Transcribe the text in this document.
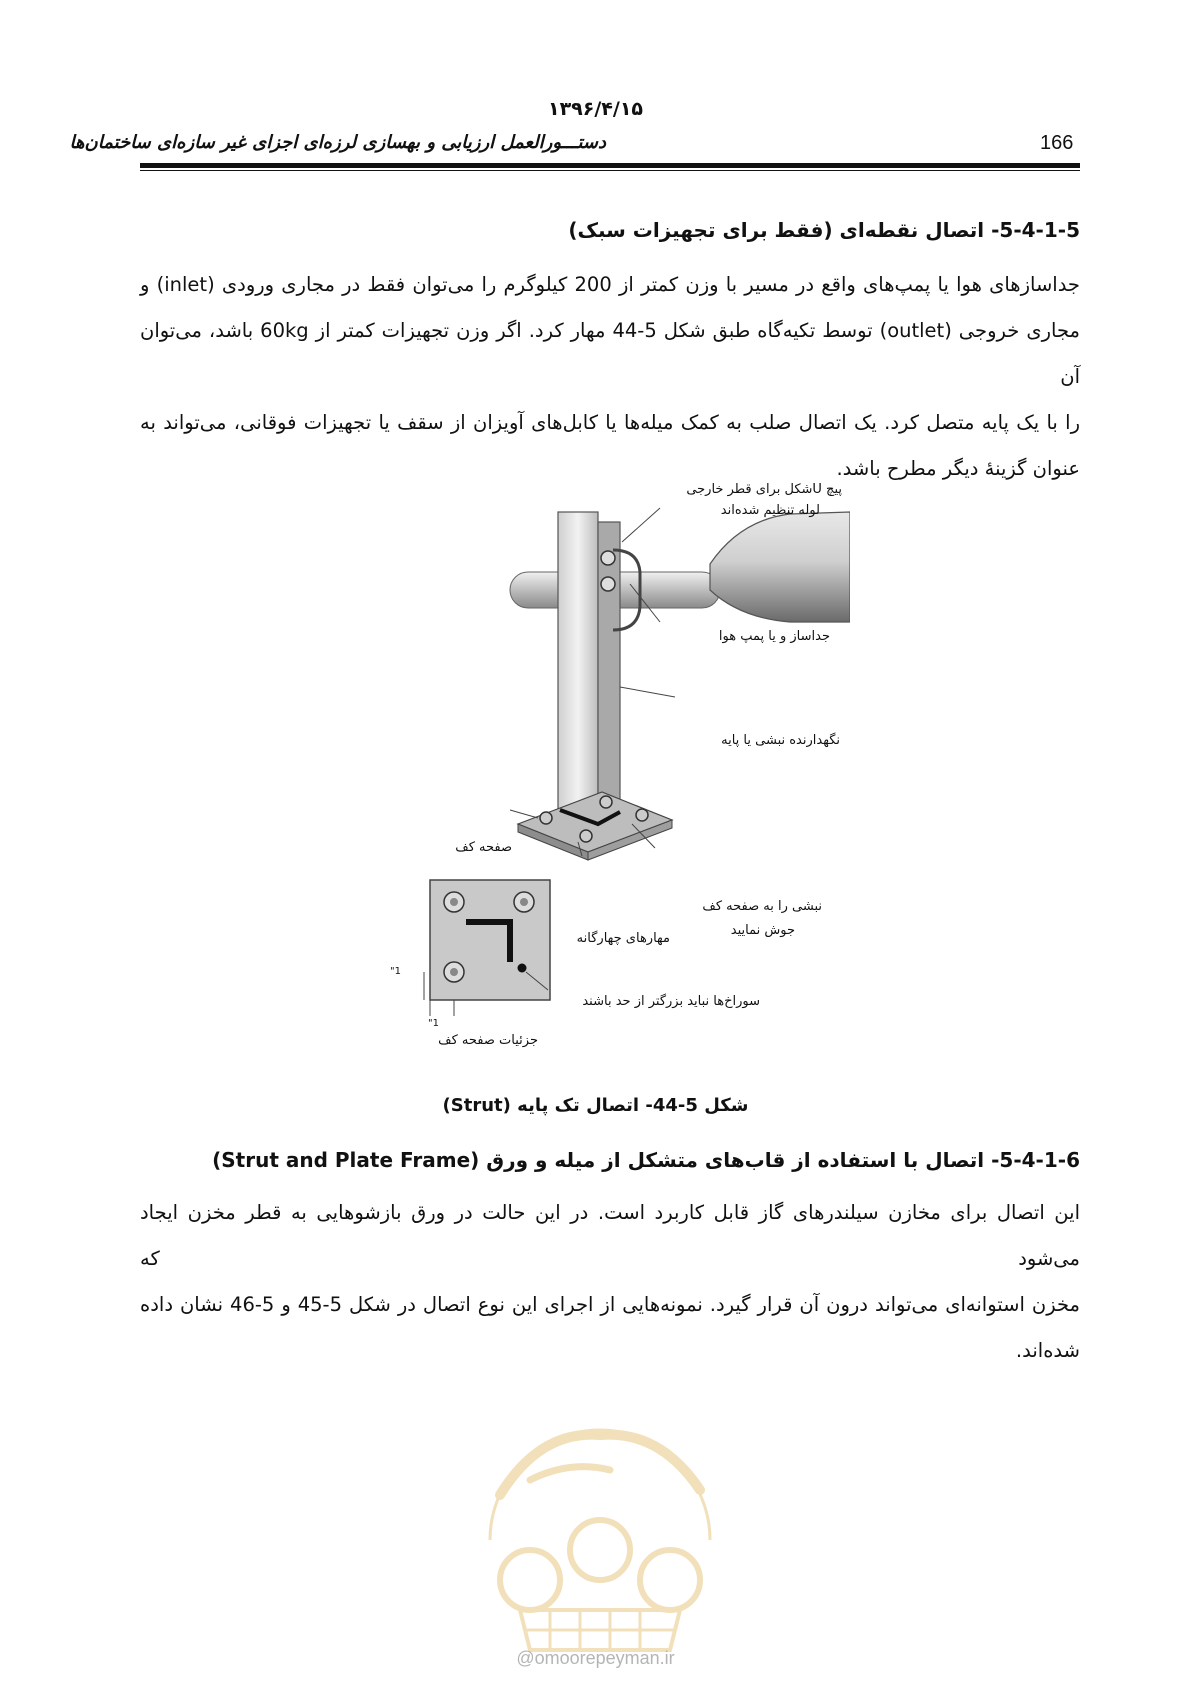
۱۳۹۶/۴/۱۵
دستـــورالعمل ارزیابی و بهسازی لرزه‌ای اجزای غیر سازه‌ای ساختمان‌ها	166
5-4-1-5- اتصال نقطه‌ای (فقط برای تجهیزات سبک)

جداسازهای هوا یا پمپ‌های واقع در مسیر با وزن کمتر از 200 کیلوگرم را می‌توان فقط در مجاری ورودی (inlet) و

مجاری خروجی (outlet) توسط تکیه‌گاه طبق شکل 5-44 مهار کرد. اگر وزن تجهیزات کمتر از 60kg باشد، می‌توان آن

را با یک پایه متصل کرد. یک اتصال صلب به کمک میله‌ها یا کابل‌های آویزان از سقف یا تجهیزات فوقانی، می‌تواند به

عنوان گزینهٔ دیگر مطرح باشد.

پیچ Uشکل برای قطر خارجی
لوله تنظیم شده‌اند
جداساز و یا پمپ هوا
نگهدارنده نبشی یا پایه
صفحه کف
نبشی را به صفحه کف
جوش نمایید
مهارهای چهارگانه
سوراخ‌ها نباید بزرگتر از حد باشند
جزئیات صفحه کف
1"
1"
شکل 5-44- اتصال تک پایه (Strut)
5-4-1-6- اتصال با استفاده از قاب‌های متشکل از میله و ورق (Strut and Plate Frame)

این اتصال برای مخازن سیلندرهای گاز قابل کاربرد است. در این حالت در ورق بازشوهایی به قطر مخزن ایجاد می‌شود که

مخزن استوانه‌ای می‌تواند درون آن قرار گیرد. نمونه‌هایی از اجرای این نوع اتصال در شکل 5-45 و 5-46 نشان داده شده‌اند.

@omoorepeyman.ir
